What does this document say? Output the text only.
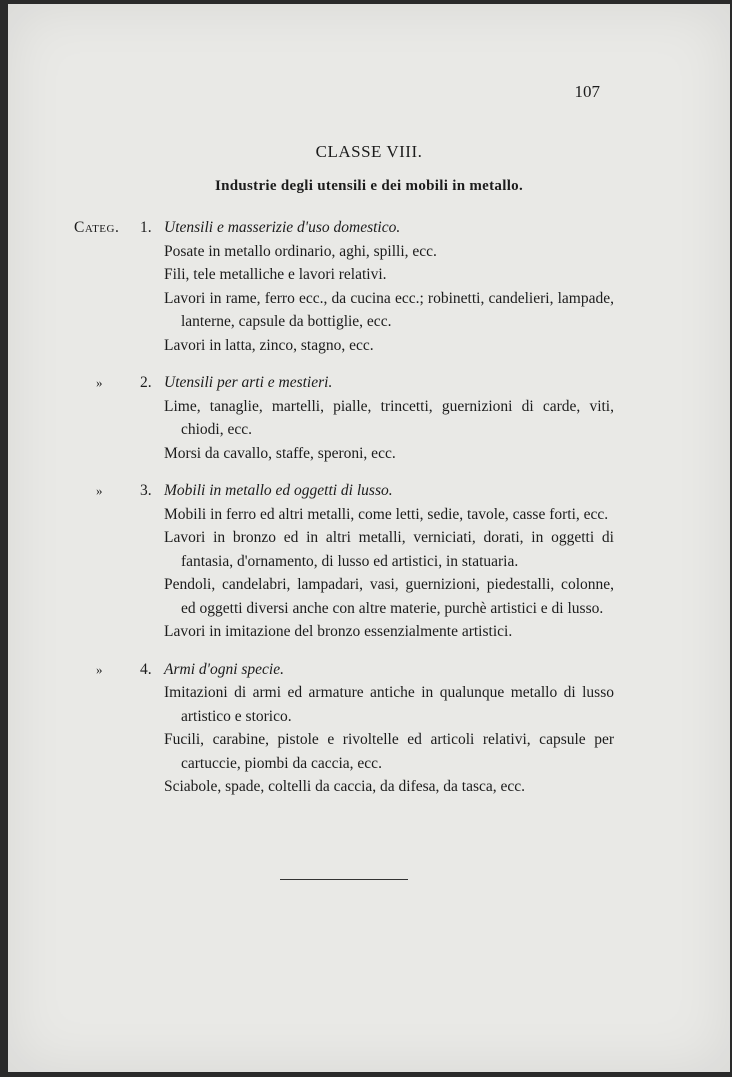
107
CLASSE VIII.
Industrie degli utensili e dei mobili in metallo.
Categ.	1. Utensili e masserizie d'uso domestico.
Posate in metallo ordinario, aghi, spilli, ecc.
Fili, tele metalliche e lavori relativi.
Lavori in rame, ferro ecc., da cucina ecc.; robinetti, candelieri, lampade, lanterne, capsule da bottiglie, ecc.
Lavori in latta, zinco, stagno, ecc.
»	2. Utensili per arti e mestieri.
Lime, tanaglie, martelli, pialle, trincetti, guernizioni di carde, viti, chiodi, ecc.
Morsi da cavallo, staffe, speroni, ecc.
»	3. Mobili in metallo ed oggetti di lusso.
Mobili in ferro ed altri metalli, come letti, sedie, tavole, casse forti, ecc.
Lavori in bronzo ed in altri metalli, verniciati, dorati, in oggetti di fantasia, d'ornamento, di lusso ed artistici, in statuaria.
Pendoli, candelabri, lampadari, vasi, guernizioni, piedestalli, colonne, ed oggetti diversi anche con altre materie, purchè artistici e di lusso.
Lavori in imitazione del bronzo essenzialmente artistici.
»	4. Armi d'ogni specie.
Imitazioni di armi ed armature antiche in qualunque metallo di lusso artistico e storico.
Fucili, carabine, pistole e rivoltelle ed articoli relativi, capsule per cartuccie, piombi da caccia, ecc.
Sciabole, spade, coltelli da caccia, da difesa, da tasca, ecc.
